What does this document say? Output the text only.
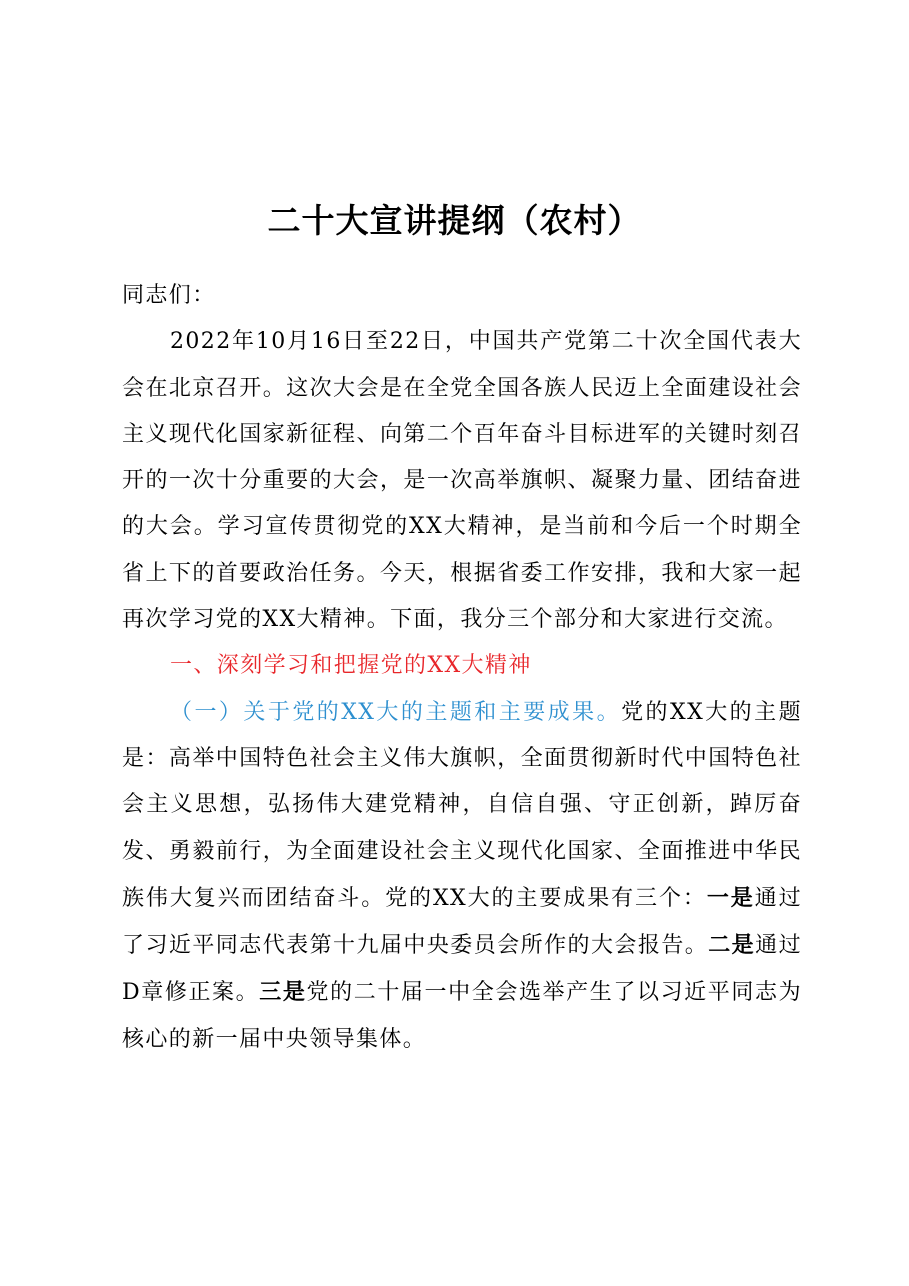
二十大宣讲提纲（农村）

同志们：

2022年10月16日至22日，中国共产党第二十次全国代表大会在北京召开。这次大会是在全党全国各族人民迈上全面建设社会主义现代化国家新征程、向第二个百年奋斗目标进军的关键时刻召开的一次十分重要的大会，是一次高举旗帜、凝聚力量、团结奋进的大会。学习宣传贯彻党的XX大精神，是当前和今后一个时期全省上下的首要政治任务。今天，根据省委工作安排，我和大家一起再次学习党的XX大精神。下面，我分三个部分和大家进行交流。

一、深刻学习和把握党的XX大精神

（一）关于党的XX大的主题和主要成果。党的XX大的主题是：高举中国特色社会主义伟大旗帜，全面贯彻新时代中国特色社会主义思想，弘扬伟大建党精神，自信自强、守正创新，踔厉奋发、勇毅前行，为全面建设社会主义现代化国家、全面推进中华民族伟大复兴而团结奋斗。党的XX大的主要成果有三个：一是通过了习近平同志代表第十九届中央委员会所作的大会报告。二是通过D章修正案。三是党的二十届一中全会选举产生了以习近平同志为核心的新一届中央领导集体。
